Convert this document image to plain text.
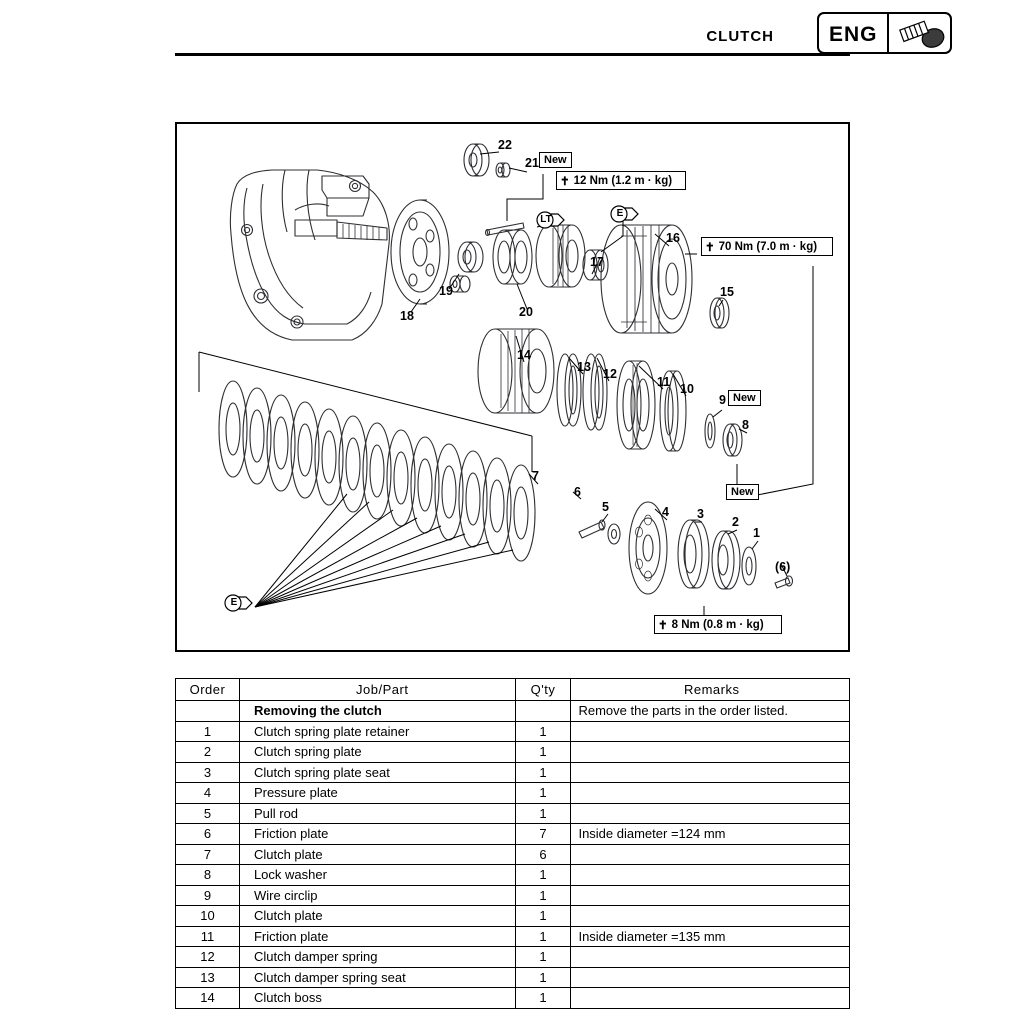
CLUTCH	ENG
22
21
19
18	20
17
16
15
14
13 12
11 10
9
8
7
6
5	4 3
2
1
(6)
✝ 12 Nm (1.2 m · kg)
✝ 70 Nm (7.0 m · kg)
✝ 8 Nm (0.8 m · kg)
New
New
New
LT
E
E
Order	Job/Part	Q'ty	Remarks
	Removing the clutch		Remove the parts in the order listed.
1	Clutch spring plate retainer	1	
2	Clutch spring plate	1	
3	Clutch spring plate seat	1	
4	Pressure plate	1	
5	Pull rod	1	
6	Friction plate	7	Inside diameter =124 mm
7	Clutch plate	6	
8	Lock washer	1	
9	Wire circlip	1	
10	Clutch plate	1	
11	Friction plate	1	Inside diameter =135 mm
12	Clutch damper spring	1	
13	Clutch damper spring seat	1	
14	Clutch boss	1	
